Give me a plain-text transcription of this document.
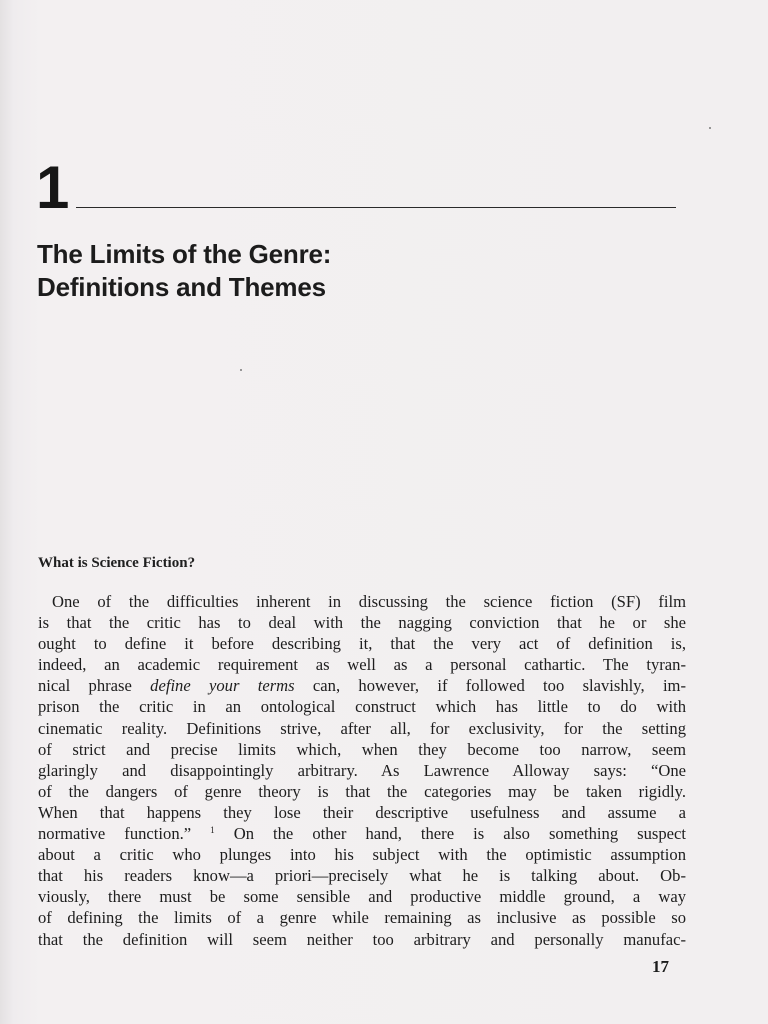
1
The Limits of the Genre:
Definitions and Themes
What is Science Fiction?
One of the difficulties inherent in discussing the science fiction (SF) film
is that the critic has to deal with the nagging conviction that he or she
ought to define it before describing it, that the very act of definition is,
indeed, an academic requirement as well as a personal cathartic. The tyran-
nical phrase define your terms can, however, if followed too slavishly, im-
prison the critic in an ontological construct which has little to do with
cinematic reality. Definitions strive, after all, for exclusivity, for the setting
of strict and precise limits which, when they become too narrow, seem
glaringly and disappointingly arbitrary. As Lawrence Alloway says: “One
of the dangers of genre theory is that the categories may be taken rigidly.
When that happens they lose their descriptive usefulness and assume a
normative function.” $^1$ On the other hand, there is also something suspect
about a critic who plunges into his subject with the optimistic assumption
that his readers know—a priori—precisely what he is talking about. Ob-
viously, there must be some sensible and productive middle ground, a way
of defining the limits of a genre while remaining as inclusive as possible so
that the definition will seem neither too arbitrary and personally manufac-
17
